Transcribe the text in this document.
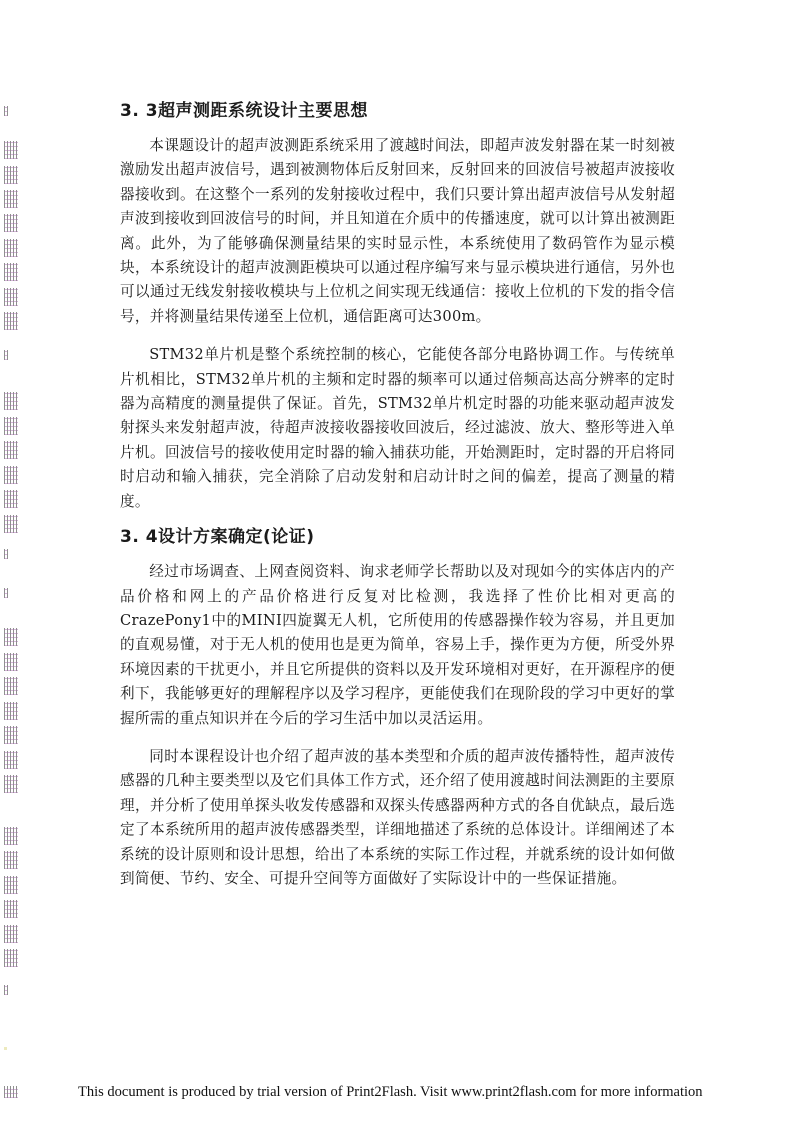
3. 3超声测距系统设计主要思想

本课题设计的超声波测距系统采用了渡越时间法，即超声波发射器在某一时刻被激励发出超声波信号，遇到被测物体后反射回来，反射回来的回波信号被超声波接收器接收到。在这整个一系列的发射接收过程中，我们只要计算出超声波信号从发射超声波到接收到回波信号的时间，并且知道在介质中的传播速度，就可以计算出被测距离。此外，为了能够确保测量结果的实时显示性，本系统使用了数码管作为显示模块，本系统设计的超声波测距模块可以通过程序编写来与显示模块进行通信，另外也可以通过无线发射接收模块与上位机之间实现无线通信：接收上位机的下发的指令信号，并将测量结果传递至上位机，通信距离可达300m。

STM32单片机是整个系统控制的核心，它能使各部分电路协调工作。与传统单片机相比，STM32单片机的主频和定时器的频率可以通过倍频高达高分辨率的定时器为高精度的测量提供了保证。首先，STM32单片机定时器的功能来驱动超声波发射探头来发射超声波，待超声波接收器接收回波后，经过滤波、放大、整形等进入单片机。回波信号的接收使用定时器的输入捕获功能，开始测距时，定时器的开启将同时启动和输入捕获，完全消除了启动发射和启动计时之间的偏差，提高了测量的精度。

3. 4设计方案确定(论证)

经过市场调查、上网查阅资料、询求老师学长帮助以及对现如今的实体店内的产品价格和网上的产品价格进行反复对比检测，我选择了性价比相对更高的CrazePony1中的MINI四旋翼无人机，它所使用的传感器操作较为容易，并且更加的直观易懂，对于无人机的使用也是更为简单，容易上手，操作更为方便，所受外界环境因素的干扰更小，并且它所提供的资料以及开发环境相对更好，在开源程序的便利下，我能够更好的理解程序以及学习程序，更能使我们在现阶段的学习中更好的掌握所需的重点知识并在今后的学习生活中加以灵活运用。

同时本课程设计也介绍了超声波的基本类型和介质的超声波传播特性，超声波传感器的几种主要类型以及它们具体工作方式，还介绍了使用渡越时间法测距的主要原理，并分析了使用单探头收发传感器和双探头传感器两种方式的各自优缺点，最后选定了本系统所用的超声波传感器类型，详细地描述了系统的总体设计。详细阐述了本系统的设计原则和设计思想，给出了本系统的实际工作过程，并就系统的设计如何做到简便、节约、安全、可提升空间等方面做好了实际设计中的一些保证措施。

This document is produced by trial version of Print2Flash. Visit www.print2flash.com for more information
